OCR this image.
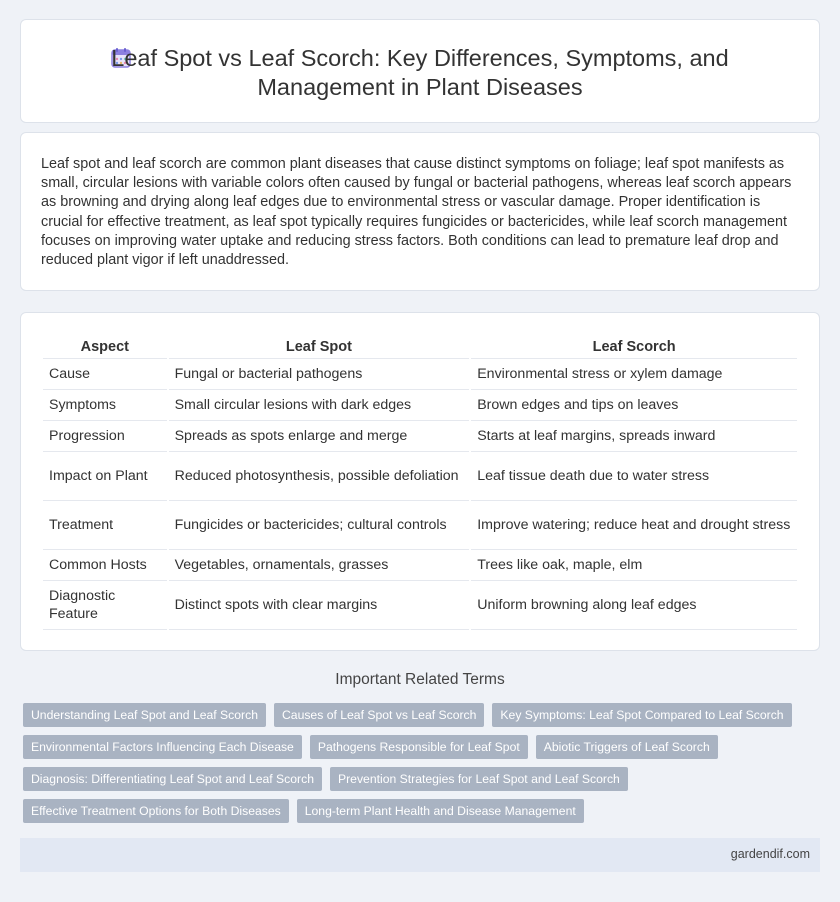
Leaf Spot vs Leaf Scorch: Key Differences, Symptoms, and Management in Plant Diseases

Leaf spot and leaf scorch are common plant diseases that cause distinct symptoms on foliage; leaf spot manifests as small, circular lesions with variable colors often caused by fungal or bacterial pathogens, whereas leaf scorch appears as browning and drying along leaf edges due to environmental stress or vascular damage. Proper identification is crucial for effective treatment, as leaf spot typically requires fungicides or bactericides, while leaf scorch management focuses on improving water uptake and reducing stress factors. Both conditions can lead to premature leaf drop and reduced plant vigor if left unaddressed.

Aspect	Leaf Spot	Leaf Scorch
Cause	Fungal or bacterial pathogens	Environmental stress or xylem damage
Symptoms	Small circular lesions with dark edges	Brown edges and tips on leaves
Progression	Spreads as spots enlarge and merge	Starts at leaf margins, spreads inward
Impact on Plant	Reduced photosynthesis, possible defoliation	Leaf tissue death due to water stress
Treatment	Fungicides or bactericides; cultural controls	Improve watering; reduce heat and drought stress
Common Hosts	Vegetables, ornamentals, grasses	Trees like oak, maple, elm
Diagnostic Feature	Distinct spots with clear margins	Uniform browning along leaf edges
Important Related Terms
Understanding Leaf Spot and Leaf Scorch	Causes of Leaf Spot vs Leaf Scorch	Key Symptoms: Leaf Spot Compared to Leaf Scorch
Environmental Factors Influencing Each Disease	Pathogens Responsible for Leaf Spot	Abiotic Triggers of Leaf Scorch
Diagnosis: Differentiating Leaf Spot and Leaf Scorch	Prevention Strategies for Leaf Spot and Leaf Scorch
Effective Treatment Options for Both Diseases	Long-term Plant Health and Disease Management
gardendif.com
